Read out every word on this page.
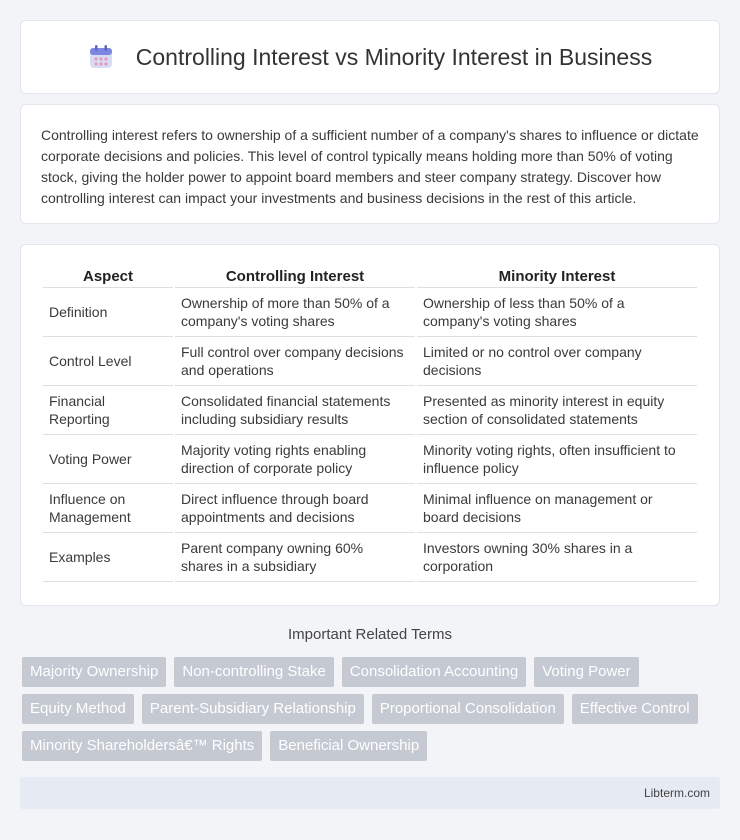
Controlling Interest vs Minority Interest in Business

Controlling interest refers to ownership of a sufficient number of a company's shares to influence or dictate corporate decisions and policies. This level of control typically means holding more than 50% of voting stock, giving the holder power to appoint board members and steer company strategy. Discover how controlling interest can impact your investments and business decisions in the rest of this article.

Aspect	Controlling Interest	Minority Interest
Definition	Ownership of more than 50% of a company's voting shares	Ownership of less than 50% of a company's voting shares
Control Level	Full control over company decisions and operations	Limited or no control over company decisions
Financial Reporting	Consolidated financial statements including subsidiary results	Presented as minority interest in equity section of consolidated statements
Voting Power	Majority voting rights enabling direction of corporate policy	Minority voting rights, often insufficient to influence policy
Influence on Management	Direct influence through board appointments and decisions	Minimal influence on management or board decisions
Examples	Parent company owning 60% shares in a subsidiary	Investors owning 30% shares in a corporation
Important Related Terms
Majority Ownership	Non-controlling Stake	Consolidation Accounting	Voting Power
Equity Method	Parent-Subsidiary Relationship	Proportional Consolidation	Effective Control
Minority Shareholdersâ€™ Rights	Beneficial Ownership
Libterm.com
